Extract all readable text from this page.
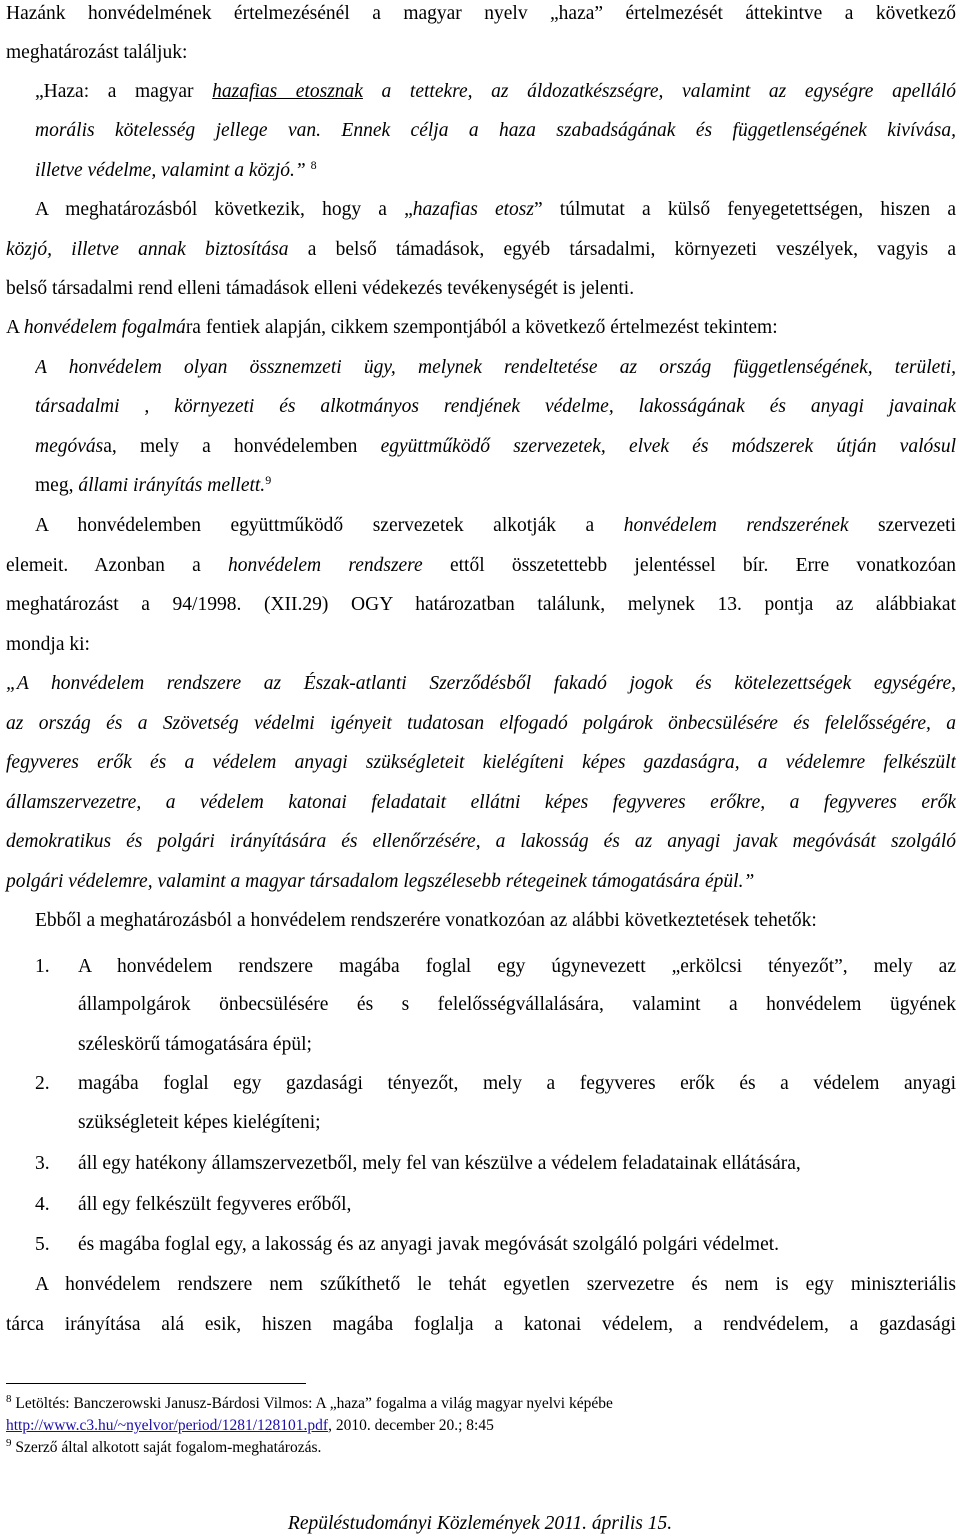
Hazánk honvédelmének értelmezésénél a magyar nyelv „haza” értelmezését áttekintve a következő
meghatározást találjuk:
„Haza: a magyar hazafias etosznak a tettekre, az áldozatkészségre, valamint az egységre apelláló
morális kötelesség jellege van. Ennek célja a haza szabadságának és függetlenségének kivívása,
illetve védelme, valamint a közjó.” $^8$
A meghatározásból következik, hogy a „hazafias etosz” túlmutat a külső fenyegetettségen, hiszen a
közjó, illetve annak biztosítása a belső támadások, egyéb társadalmi, környezeti veszélyek, vagyis a
belső társadalmi rend elleni támadások elleni védekezés tevékenységét is jelenti.
A honvédelem fogalmára fentiek alapján, cikkem szempontjából a következő értelmezést tekintem:
A honvédelem olyan össznemzeti ügy, melynek rendeltetése az ország függetlenségének, területi,
társadalmi , környezeti és alkotmányos rendjének védelme, lakosságának és anyagi javainak
megóvása, mely a honvédelemben együttműködő szervezetek, elvek és módszerek útján valósul
meg, állami irányítás mellett.$^9$
A honvédelemben együttműködő szervezetek alkotják a honvédelem rendszerének szervezeti
elemeit. Azonban a honvédelem rendszere ettől összetettebb jelentéssel bír. Erre vonatkozóan
meghatározást a 94/1998. (XII.29) OGY határozatban találunk, melynek 13. pontja az alábbiakat
mondja ki:
„A honvédelem rendszere az Észak-atlanti Szerződésből fakadó jogok és kötelezettségek egységére,
az ország és a Szövetség védelmi igényeit tudatosan elfogadó polgárok önbecsülésére és felelősségére, a
fegyveres erők és a védelem anyagi szükségleteit kielégíteni képes gazdaságra, a védelemre felkészült
államszervezetre, a védelem katonai feladatait ellátni képes fegyveres erőkre, a fegyveres erők
demokratikus és polgári irányítására és ellenőrzésére, a lakosság és az anyagi javak megóvását szolgáló
polgári védelemre, valamint a magyar társadalom legszélesebb rétegeinek támogatására épül.”
Ebből a meghatározásból a honvédelem rendszerére vonatkozóan az alábbi következtetések tehetők:
1.	A honvédelem rendszere magába foglal egy úgynevezett „erkölcsi tényezőt”, mely az
állampolgárok önbecsülésére és s felelősségvállalására, valamint a honvédelem ügyének
széleskörű támogatására épül;
2.	magába foglal egy gazdasági tényezőt, mely a fegyveres erők és a védelem anyagi
szükségleteit képes kielégíteni;
3.	áll egy hatékony államszervezetből, mely fel van készülve a védelem feladatainak ellátására,
4.	áll egy felkészült fegyveres erőből,
5.	és magába foglal egy, a lakosság és az anyagi javak megóvását szolgáló polgári védelmet.
A honvédelem rendszere nem szűkíthető le tehát egyetlen szervezetre és nem is egy miniszteriális
tárca irányítása alá esik, hiszen magába foglalja a katonai védelem, a rendvédelem, a gazdasági
$^8$ Letöltés: Banczerowski Janusz-Bárdosi Vilmos: A „haza” fogalma a világ magyar nyelvi képébe
http://www.c3.hu/~nyelvor/period/1281/128101.pdf, 2010. december 20.; 8:45
$^9$ Szerző által alkotott saját fogalom-meghatározás.
Repüléstudományi Közlemények 2011. április 15.
